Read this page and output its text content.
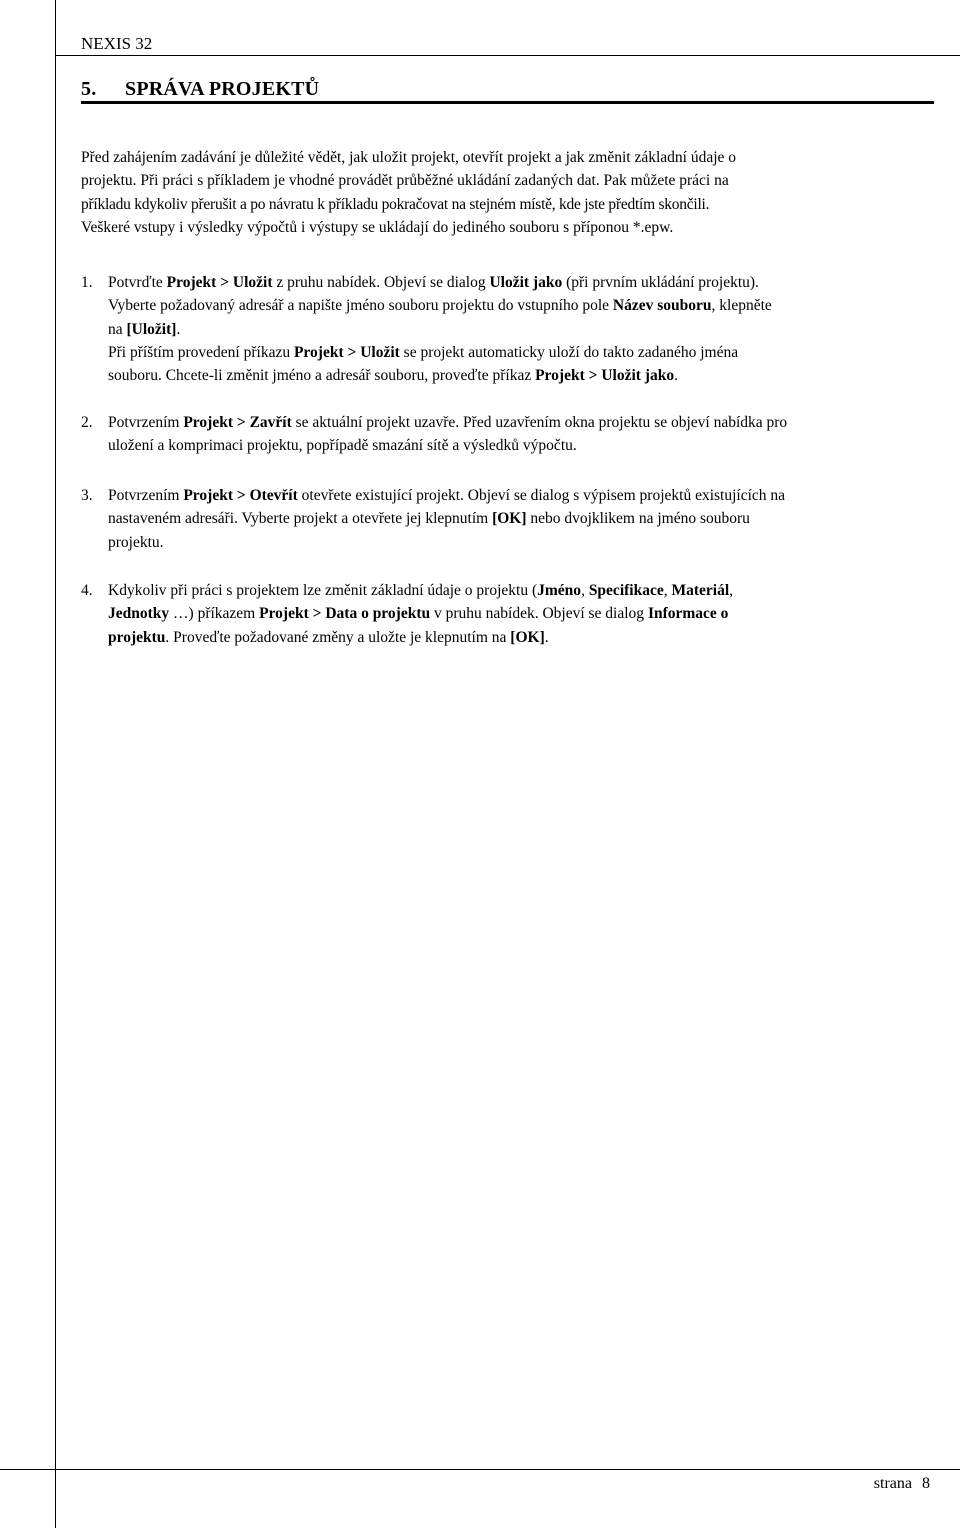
NEXIS 32
5. SPRÁVA PROJEKTŮ
Před zahájením zadávání je důležité vědět, jak uložit projekt, otevřít projekt a jak změnit základní údaje o
projektu. Při práci s příkladem je vhodné provádět průběžné ukládání zadaných dat. Pak můžete práci na
příkladu kdykoliv přerušit a po návratu k příkladu pokračovat na stejném místě, kde jste předtím skončili.
Veškeré vstupy i výsledky výpočtů i výstupy se ukládají do jediného souboru s příponou *.epw.
1. Potvrďte Projekt > Uložit z pruhu nabídek. Objeví se dialog Uložit jako (při prvním ukládání projektu).
Vyberte požadovaný adresář a napište jméno souboru projektu do vstupního pole Název souboru, klepněte
na [Uložit].
Při příštím provedení příkazu Projekt > Uložit se projekt automaticky uloží do takto zadaného jména
souboru. Chcete-li změnit jméno a adresář souboru, proveďte příkaz Projekt > Uložit jako.
2. Potvrzením Projekt > Zavřít se aktuální projekt uzavře. Před uzavřením okna projektu se objeví nabídka pro
uložení a komprimaci projektu, popřípadě smazání sítě a výsledků výpočtu.
3. Potvrzením Projekt > Otevřít otevřete existující projekt. Objeví se dialog s výpisem projektů existujících na
nastaveném adresáři. Vyberte projekt a otevřete jej klepnutím [OK] nebo dvojklikem na jméno souboru
projektu.
4. Kdykoliv při práci s projektem lze změnit základní údaje o projektu (Jméno, Specifikace, Materiál,
Jednotky …) příkazem Projekt > Data o projektu v pruhu nabídek. Objeví se dialog Informace o
projektu. Proveďte požadované změny a uložte je klepnutím na [OK].
strana 8
